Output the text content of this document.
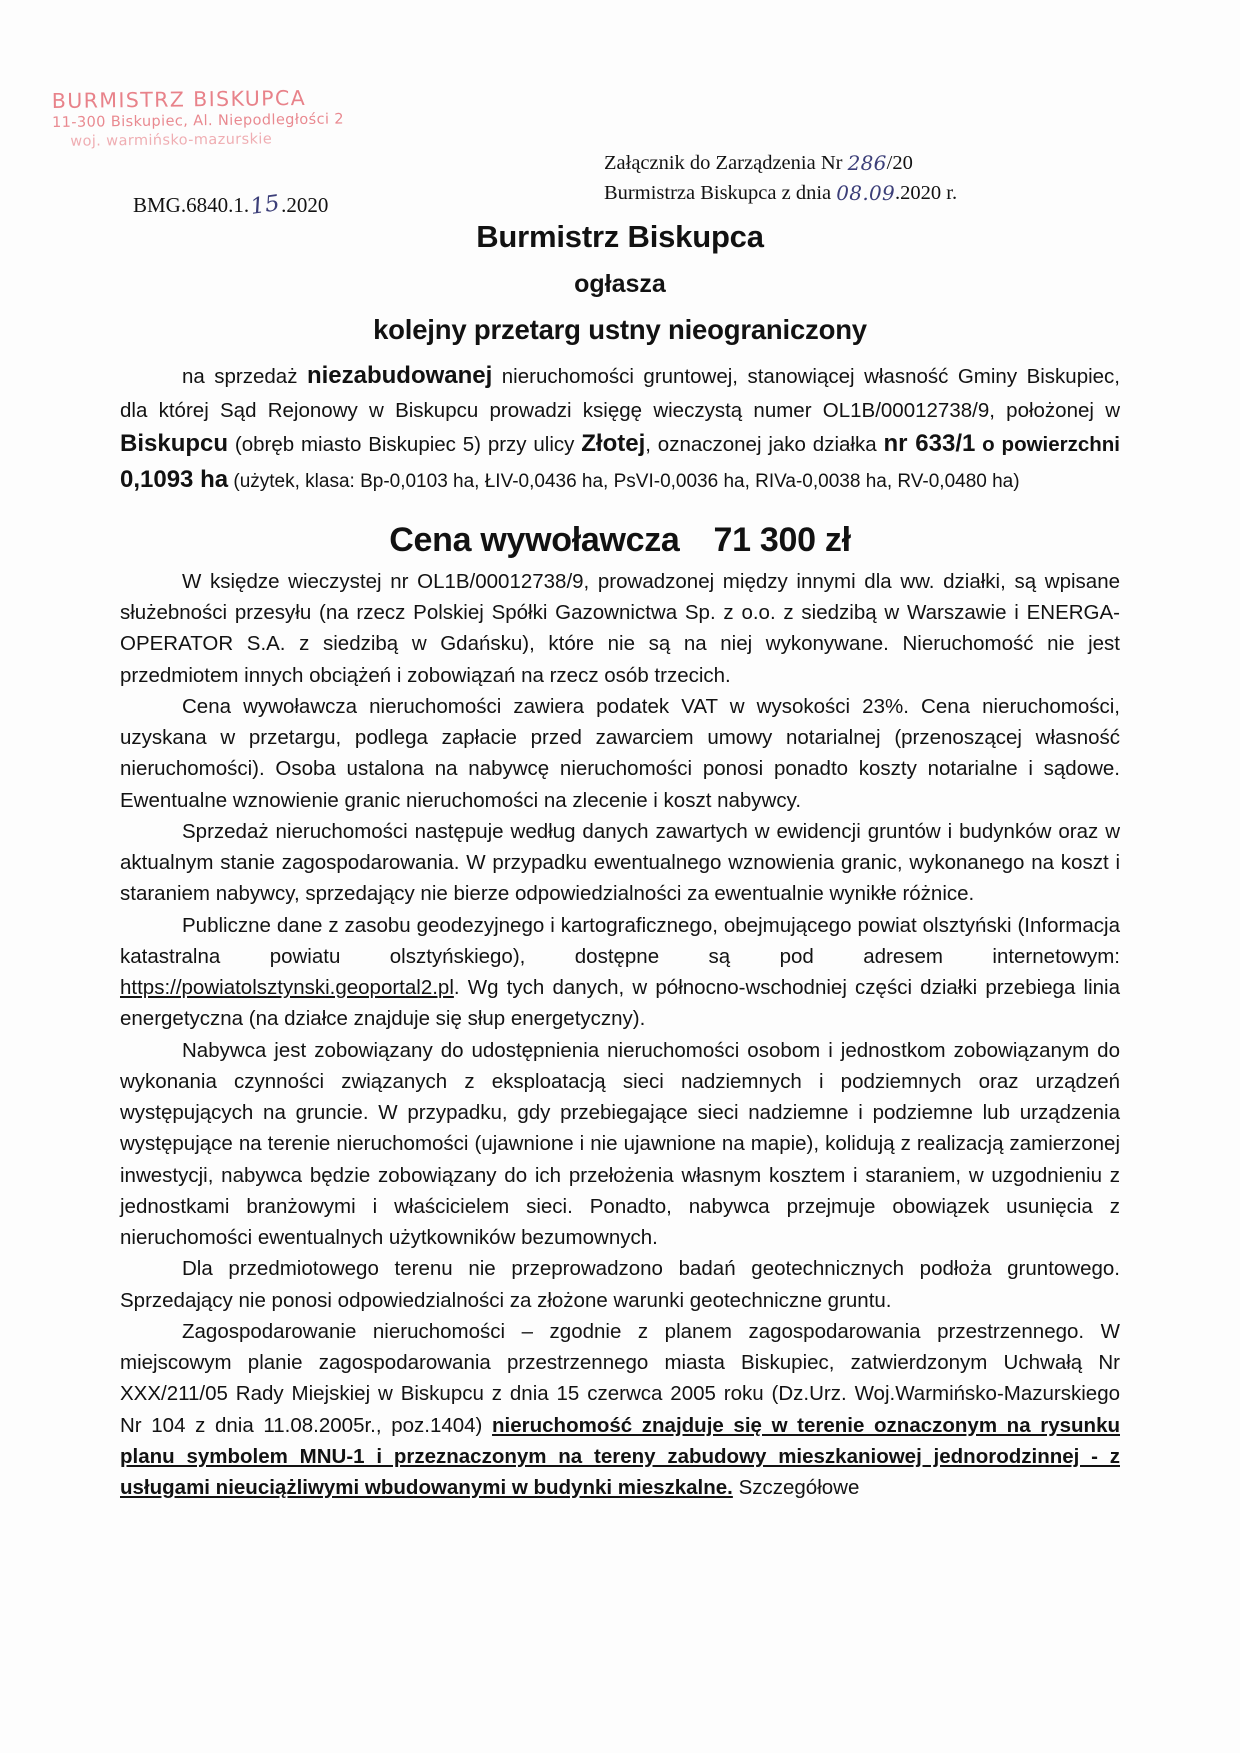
BURMISTRZ BISKUPCA
11-300 Biskupiec, Al. Niepodległości 2
woj. warmińsko-mazurskie
BMG.6840.1.15.2020
Załącznik do Zarządzenia Nr 286/20
Burmistrza Biskupca z dnia 08.09.2020 r.
Burmistrz Biskupca
ogłasza
kolejny przetarg ustny nieograniczony

na sprzedaż niezabudowanej nieruchomości gruntowej, stanowiącej własność Gminy Biskupiec, dla której Sąd Rejonowy w Biskupcu prowadzi księgę wieczystą numer OL1B/00012738/9, położonej w Biskupcu (obręb miasto Biskupiec 5) przy ulicy Złotej, oznaczonej jako działka nr 633/1 o powierzchni 0,1093 ha (użytek, klasa: Bp-0,0103 ha, ŁIV-0,0436 ha, PsVI-0,0036 ha, RIVa-0,0038 ha, RV-0,0480 ha)

Cena wywoławcza 71 300 zł

W księdze wieczystej nr OL1B/00012738/9, prowadzonej między innymi dla ww. działki, są wpisane służebności przesyłu (na rzecz Polskiej Spółki Gazownictwa Sp. z o.o. z siedzibą w Warszawie i ENERGA-OPERATOR S.A. z siedzibą w Gdańsku), które nie są na niej wykonywane. Nieruchomość nie jest przedmiotem innych obciążeń i zobowiązań na rzecz osób trzecich.

Cena wywoławcza nieruchomości zawiera podatek VAT w wysokości 23%. Cena nieruchomości, uzyskana w przetargu, podlega zapłacie przed zawarciem umowy notarialnej (przenoszącej własność nieruchomości). Osoba ustalona na nabywcę nieruchomości ponosi ponadto koszty notarialne i sądowe. Ewentualne wznowienie granic nieruchomości na zlecenie i koszt nabywcy.

Sprzedaż nieruchomości następuje według danych zawartych w ewidencji gruntów i budynków oraz w aktualnym stanie zagospodarowania. W przypadku ewentualnego wznowienia granic, wykonanego na koszt i staraniem nabywcy, sprzedający nie bierze odpowiedzialności za ewentualnie wynikłe różnice.

Publiczne dane z zasobu geodezyjnego i kartograficznego, obejmującego powiat olsztyński (Informacja katastralna powiatu olsztyńskiego), dostępne są pod adresem internetowym: https://powiatolsztynski.geoportal2.pl. Wg tych danych, w północno-wschodniej części działki przebiega linia energetyczna (na działce znajduje się słup energetyczny).

Nabywca jest zobowiązany do udostępnienia nieruchomości osobom i jednostkom zobowiązanym do wykonania czynności związanych z eksploatacją sieci nadziemnych i podziemnych oraz urządzeń występujących na gruncie. W przypadku, gdy przebiegające sieci nadziemne i podziemne lub urządzenia występujące na terenie nieruchomości (ujawnione i nie ujawnione na mapie), kolidują z realizacją zamierzonej inwestycji, nabywca będzie zobowiązany do ich przełożenia własnym kosztem i staraniem, w uzgodnieniu z jednostkami branżowymi i właścicielem sieci. Ponadto, nabywca przejmuje obowiązek usunięcia z nieruchomości ewentualnych użytkowników bezumownych.

Dla przedmiotowego terenu nie przeprowadzono badań geotechnicznych podłoża gruntowego. Sprzedający nie ponosi odpowiedzialności za złożone warunki geotechniczne gruntu.

Zagospodarowanie nieruchomości – zgodnie z planem zagospodarowania przestrzennego. W miejscowym planie zagospodarowania przestrzennego miasta Biskupiec, zatwierdzonym Uchwałą Nr XXX/211/05 Rady Miejskiej w Biskupcu z dnia 15 czerwca 2005 roku (Dz.Urz. Woj.Warmińsko-Mazurskiego Nr 104 z dnia 11.08.2005r., poz.1404) nieruchomość znajduje się w terenie oznaczonym na rysunku planu symbolem MNU-1 i przeznaczonym na tereny zabudowy mieszkaniowej jednorodzinnej - z usługami nieuciążliwymi wbudowanymi w budynki mieszkalne. Szczegółowe
